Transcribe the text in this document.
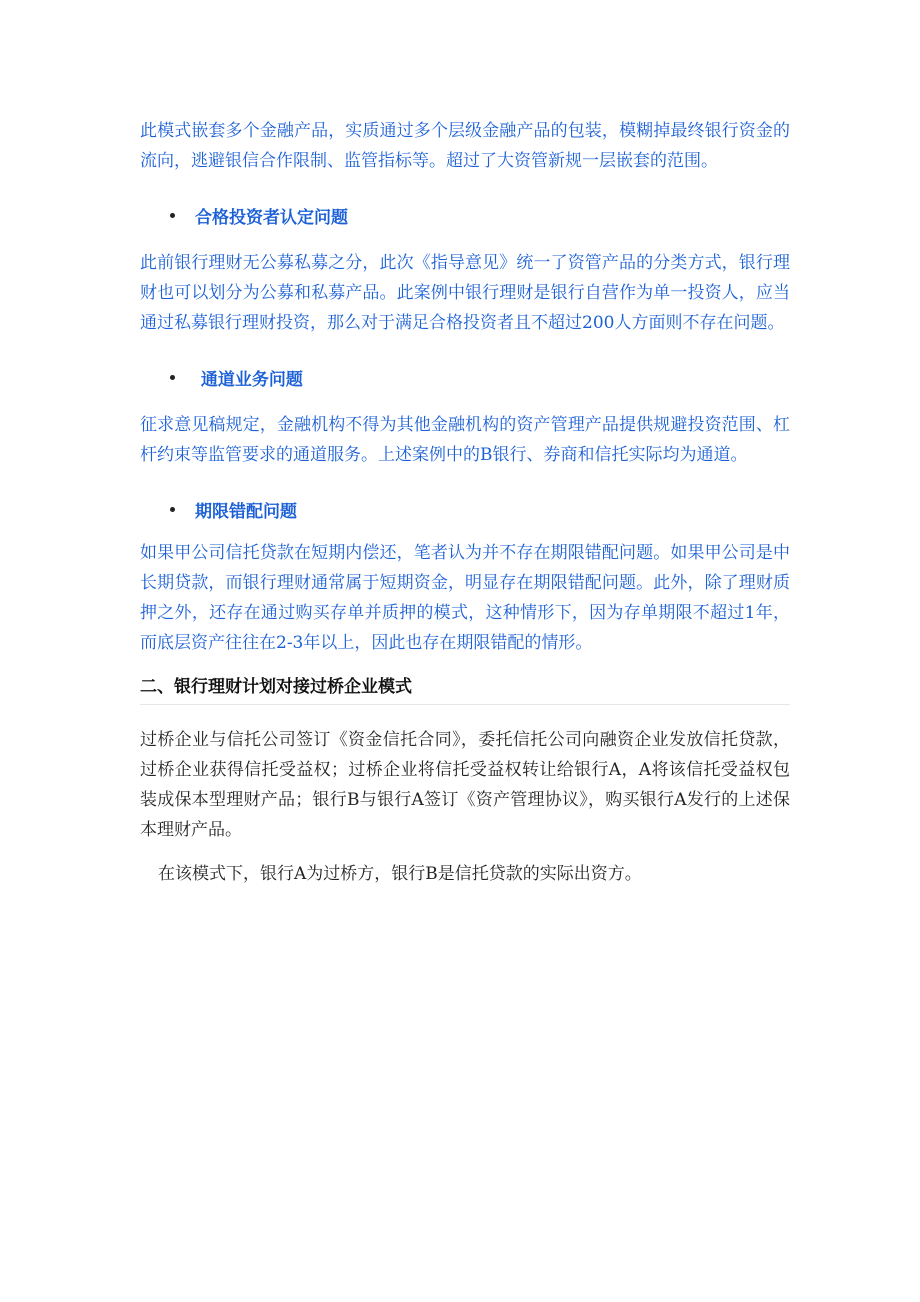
此模式嵌套多个金融产品，实质通过多个层级金融产品的包装，模糊掉最终银行资金的流向，逃避银信合作限制、监管指标等。超过了大资管新规一层嵌套的范围。

合格投资者认定问题

此前银行理财无公募私募之分，此次《指导意见》统一了资管产品的分类方式，银行理财也可以划分为公募和私募产品。此案例中银行理财是银行自营作为单一投资人，应当通过私募银行理财投资，那么对于满足合格投资者且不超过200人方面则不存在问题。

通道业务问题

征求意见稿规定，金融机构不得为其他金融机构的资产管理产品提供规避投资范围、杠杆约束等监管要求的通道服务。上述案例中的B银行、券商和信托实际均为通道。

期限错配问题

如果甲公司信托贷款在短期内偿还，笔者认为并不存在期限错配问题。如果甲公司是中长期贷款，而银行理财通常属于短期资金，明显存在期限错配问题。此外，除了理财质押之外，还存在通过购买存单并质押的模式，这种情形下，因为存单期限不超过1年，而底层资产往往在2-3年以上，因此也存在期限错配的情形。

二、银行理财计划对接过桥企业模式

过桥企业与信托公司签订《资金信托合同》，委托信托公司向融资企业发放信托贷款，过桥企业获得信托受益权；过桥企业将信托受益权转让给银行A，A将该信托受益权包装成保本型理财产品；银行B与银行A签订《资产管理协议》，购买银行A发行的上述保本理财产品。

在该模式下，银行A为过桥方，银行B是信托贷款的实际出资方。
